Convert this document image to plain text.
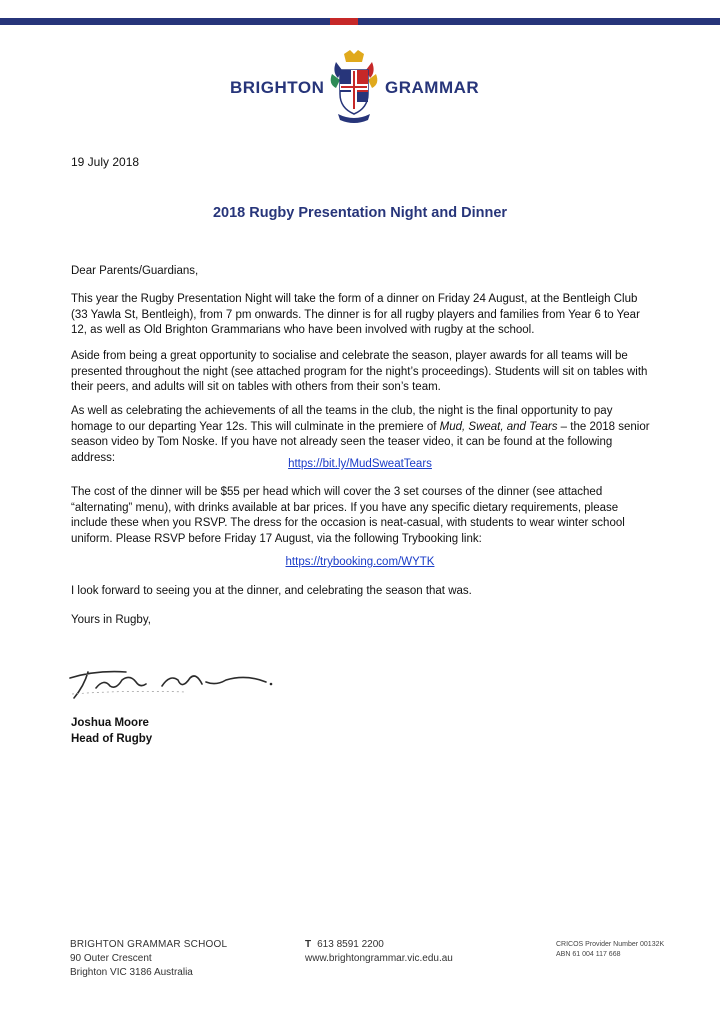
BRIGHTON	GRAMMAR
19 July 2018
2018 Rugby Presentation Night and Dinner

Dear Parents/Guardians,

This year the Rugby Presentation Night will take the form of a dinner on Friday 24 August, at the Bentleigh Club (33 Yawla St, Bentleigh), from 7 pm onwards. The dinner is for all rugby players and families from Year 6 to Year 12, as well as Old Brighton Grammarians who have been involved with rugby at the school.

Aside from being a great opportunity to socialise and celebrate the season, player awards for all teams will be presented throughout the night (see attached program for the night’s proceedings). Students will sit on tables with their peers, and adults will sit on tables with others from their son’s team.

As well as celebrating the achievements of all the teams in the club, the night is the final opportunity to pay homage to our departing Year 12s. This will culminate in the premiere of Mud, Sweat, and Tears – the 2018 senior season video by Tom Noske. If you have not already seen the teaser video, it can be found at the following address:

https://bit.ly/MudSweatTears

The cost of the dinner will be $55 per head which will cover the 3 set courses of the dinner (see attached “alternating” menu), with drinks available at bar prices. If you have any specific dietary requirements, please include these when you RSVP. The dress for the occasion is neat-casual, with students to wear winter school uniform. Please RSVP before Friday 17 August, via the following Trybooking link:

https://trybooking.com/WYTK

I look forward to seeing you at the dinner, and celebrating the season that was.

Yours in Rugby,

Joshua Moore
Head of Rugby
BRIGHTON GRAMMAR SCHOOL
90 Outer Crescent
Brighton VIC 3186 Australia
T 613 8591 2200
www.brightongrammar.vic.edu.au
CRICOS Provider Number 00132K
ABN 61 004 117 668
